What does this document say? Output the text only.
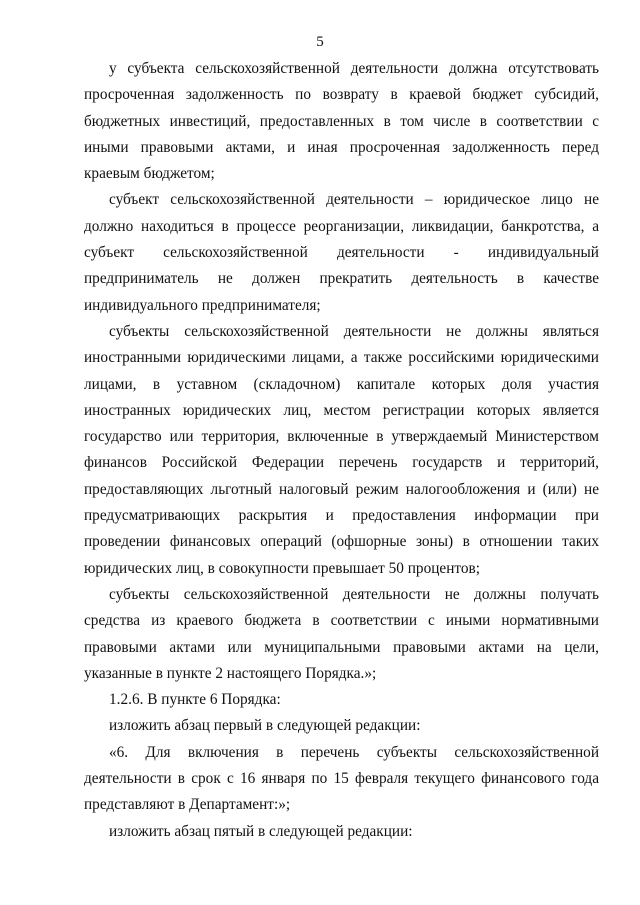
5

у субъекта сельскохозяйственной деятельности должна отсутствовать просроченная задолженность по возврату в краевой бюджет субсидий, бюджетных инвестиций, предоставленных в том числе в соответствии с иными правовыми актами, и иная просроченная задолженность перед краевым бюджетом;

субъект сельскохозяйственной деятельности – юридическое лицо не должно находиться в процессе реорганизации, ликвидации, банкротства, а субъект сельскохозяйственной деятельности - индивидуальный предприниматель не должен прекратить деятельность в качестве индивидуального предпринимателя;

субъекты сельскохозяйственной деятельности не должны являться иностранными юридическими лицами, а также российскими юридическими лицами, в уставном (складочном) капитале которых доля участия иностранных юридических лиц, местом регистрации которых является государство или территория, включенные в утверждаемый Министерством финансов Российской Федерации перечень государств и территорий, предоставляющих льготный налоговый режим налогообложения и (или) не предусматривающих раскрытия и предоставления информации при проведении финансовых операций (офшорные зоны) в отношении таких юридических лиц, в совокупности превышает 50 процентов;

субъекты сельскохозяйственной деятельности не должны получать средства из краевого бюджета в соответствии с иными нормативными правовыми актами или муниципальными правовыми актами на цели, указанные в пункте 2 настоящего Порядка.»;

1.2.6. В пункте 6 Порядка:

изложить абзац первый в следующей редакции:

«6. Для включения в перечень субъекты сельскохозяйственной деятельности в срок с 16 января по 15 февраля текущего финансового года представляют в Департамент:»;

изложить абзац пятый в следующей редакции:
